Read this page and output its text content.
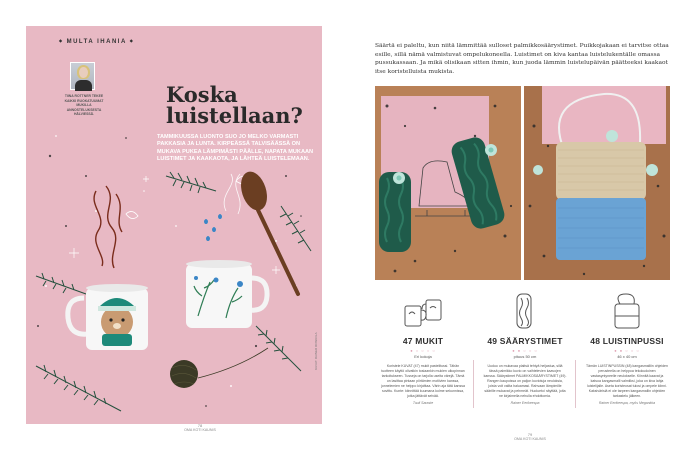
◆ MULTA IHANIA ◆
TIINA ROTTNER TEKEE KAIKKI RUOKATUUMAT MUKILLA ANNOSTELUKSESTA HÄLVIESSÄ.
Koska luistellaan?

TAMMIKUUSSA LUONTO SUO JO MELKO VARMASTI PAKKASIA JA LUNTA. KIRPEÄSSÄ TALVISÄÄSSÄ ON MUKAVA PUKEA LÄMPIMÄSTI PÄÄLLE, NAPATA MUKAAN LUISTIMET JA KAAKAOTA, JA LÄHTEÄ LUISTELEMAAN.

78
OMA KOTI KAUNIS
KUVAT: RAINER ROSKOLA

Säärtä ei paleltu, kun niitä lämmittää sulloset palmikkosäärystimet. Puikkojakaan ei tarvitse ottaa esille, sillä nämä valmistuvat ompelukoneella. Luistimet on kiva kantaa luistelukentälle omassa pussukassaan. Ja mikä olisikaan sitten ihmin, kun juoda lämmin luistelupäivän päätteeksi kaakaot itse koristelluista mukista.

47 MUKIT
● ○ ○ ○ ○
Eri kokoja
Koristele KUVAT (47) mukit pastelitussi. Tähän tuotteen käyttö olivatkin tosiaankin mukien ulkopinnan tarkoitukseen. Tusseja on tarjolla useita värejä. Tämä on lasittaa pintaan piirtämien motiivien kanssa, jonnelemien ne helppo kirjoittaa. Värin aja tätä kanssa sovittu. Kunte: kiinnittää kuumana kolme sekunnissa, jotka jättävät selvää.
Tuuli Saraste
49 SÄÄRYSTIMET
● ● ○ ○ ○
pituus 50 cm
Uuduo on mukavaa plaitsä tehtyä heijastua, sillä tässä palmikko kuvio on vaihtelevien kaavojen kanssa. Säärystimet PALMIKKOSÄÄRYSTIMET (49). Rangen kaupoissa on paljon kuviotuja neuloksia, joista voit valita haluamasi. Rahvaan lämpimille säärille mukavat ja pehmeät. Huoluetoi näyttää, joita ne kirjaimella nehulla ehdottomia.
Rainer Eerikeespa
48 LUISTINPUSSI
● ● ○ ○ ○
46 x 40 cm
Tämän LUISTINPUSSIN (48) kangasmalliin ohjeiden perusteella on helppoa tekokudoinen vastasyntyneelle neulokselle. Kiinnitä kaavat ja katsoa kangasmalli valmiiksi, joka on kiva lahja luistelijalle. Aseta koristeosat tulosi ja ompele kiinni. Kaksivärisiä ei ole tarpeen kangasmallin ohjeiden tarkastelu jälkeen.
Rainer Eerikeespa, myös Megankka
79
OMA KOTI KAUNIS
